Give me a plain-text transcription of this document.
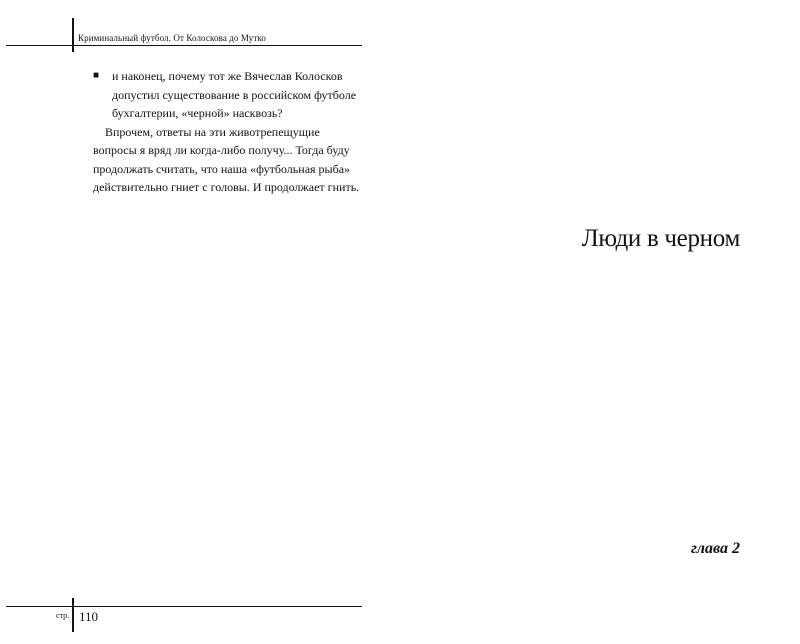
Криминальный футбол. От Колоскова до Мутко
■	и наконец, почему тот же Вячеслав Колосков допустил существование в российском футболе бухгалтерии, «черной» насквозь?

Впрочем, ответы на эти животрепещущие вопросы я вряд ли когда-либо получу... Тогда буду продолжать считать, что наша «футбольная рыба» действительно гниет с головы. И продолжает гнить.

стр. 110
Люди в черном
глава 2
